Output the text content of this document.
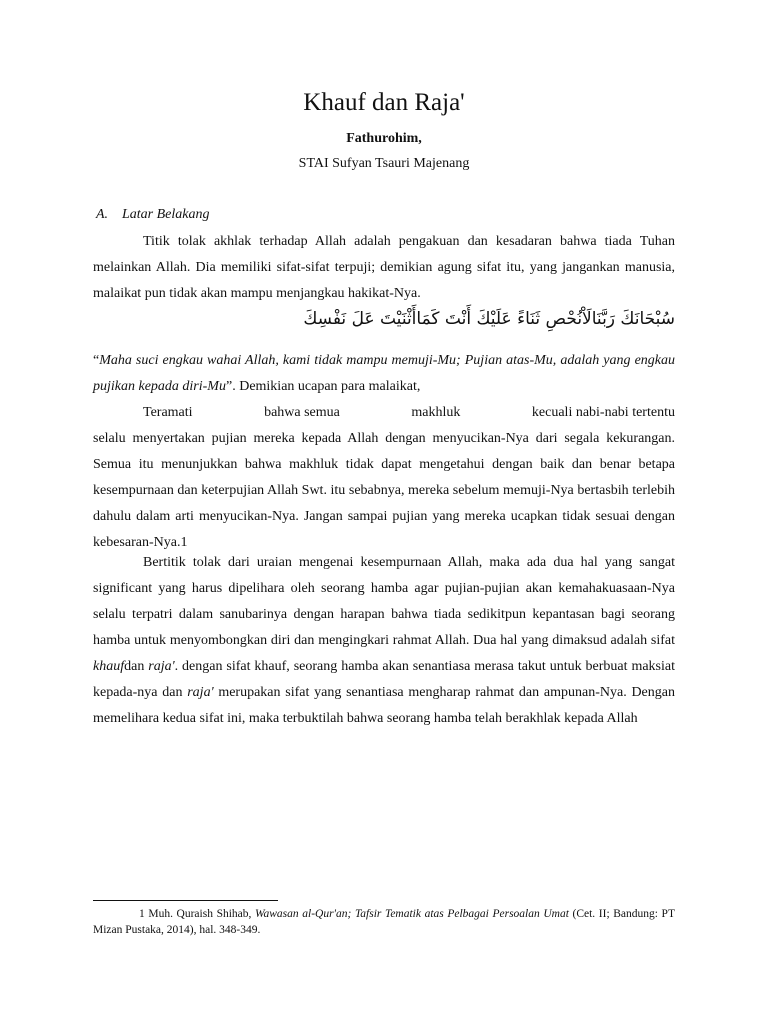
Khauf dan Raja'
Fathurohim,
STAI Sufyan Tsauri Majenang
A. Latar Belakang

Titik tolak akhlak terhadap Allah adalah pengakuan dan kesadaran bahwa tiada Tuhan melainkan Allah. Dia memiliki sifat-sifat terpuji; demikian agung sifat itu, yang jangankan manusia, malaikat pun tidak akan mampu menjangkau hakikat-Nya.

سُبْحَانَكَ رَبَّنَالَاْنُحْصِ ثَنَاءً عَلَيْكَ أَنْتَ كَمَاأَثْنَيْتَ عَلَ نَفْسِكَ
“Maha suci engkau wahai Allah, kami tidak mampu memuji-Mu; Pujian atas-Mu, adalah yang engkau pujikan kepada diri-Mu”. Demikian ucapan para malaikat,
Teramati	bahwa semua	makhluk	kecuali nabi-nabi tertentu
selalu menyertakan pujian mereka kepada Allah dengan menyucikan-Nya dari segala kekurangan. Semua itu menunjukkan bahwa makhluk tidak dapat mengetahui dengan baik dan benar betapa kesempurnaan dan keterpujian Allah Swt. itu sebabnya, mereka sebelum memuji-Nya bertasbih terlebih dahulu dalam arti menyucikan-Nya. Jangan sampai pujian yang mereka ucapkan tidak sesuai dengan kebesaran-Nya.1

Bertitik tolak dari uraian mengenai kesempurnaan Allah, maka ada dua hal yang sangat significant yang harus dipelihara oleh seorang hamba agar pujian-pujian akan kemahakuasaan-Nya selalu terpatri dalam sanubarinya dengan harapan bahwa tiada sedikitpun kepantasan bagi seorang hamba untuk menyombongkan diri dan mengingkari rahmat Allah. Dua hal yang dimaksud adalah sifat khaufdan raja'. dengan sifat khauf, seorang hamba akan senantiasa merasa takut untuk berbuat maksiat kepada-nya dan raja' merupakan sifat yang senantiasa mengharap rahmat dan ampunan-Nya. Dengan memelihara kedua sifat ini, maka terbuktilah bahwa seorang hamba telah berakhlak kepada Allah

1 Muh. Quraish Shihab, Wawasan al-Qur'an; Tafsir Tematik atas Pelbagai Persoalan Umat (Cet. II; Bandung: PT Mizan Pustaka, 2014), hal. 348-349.
